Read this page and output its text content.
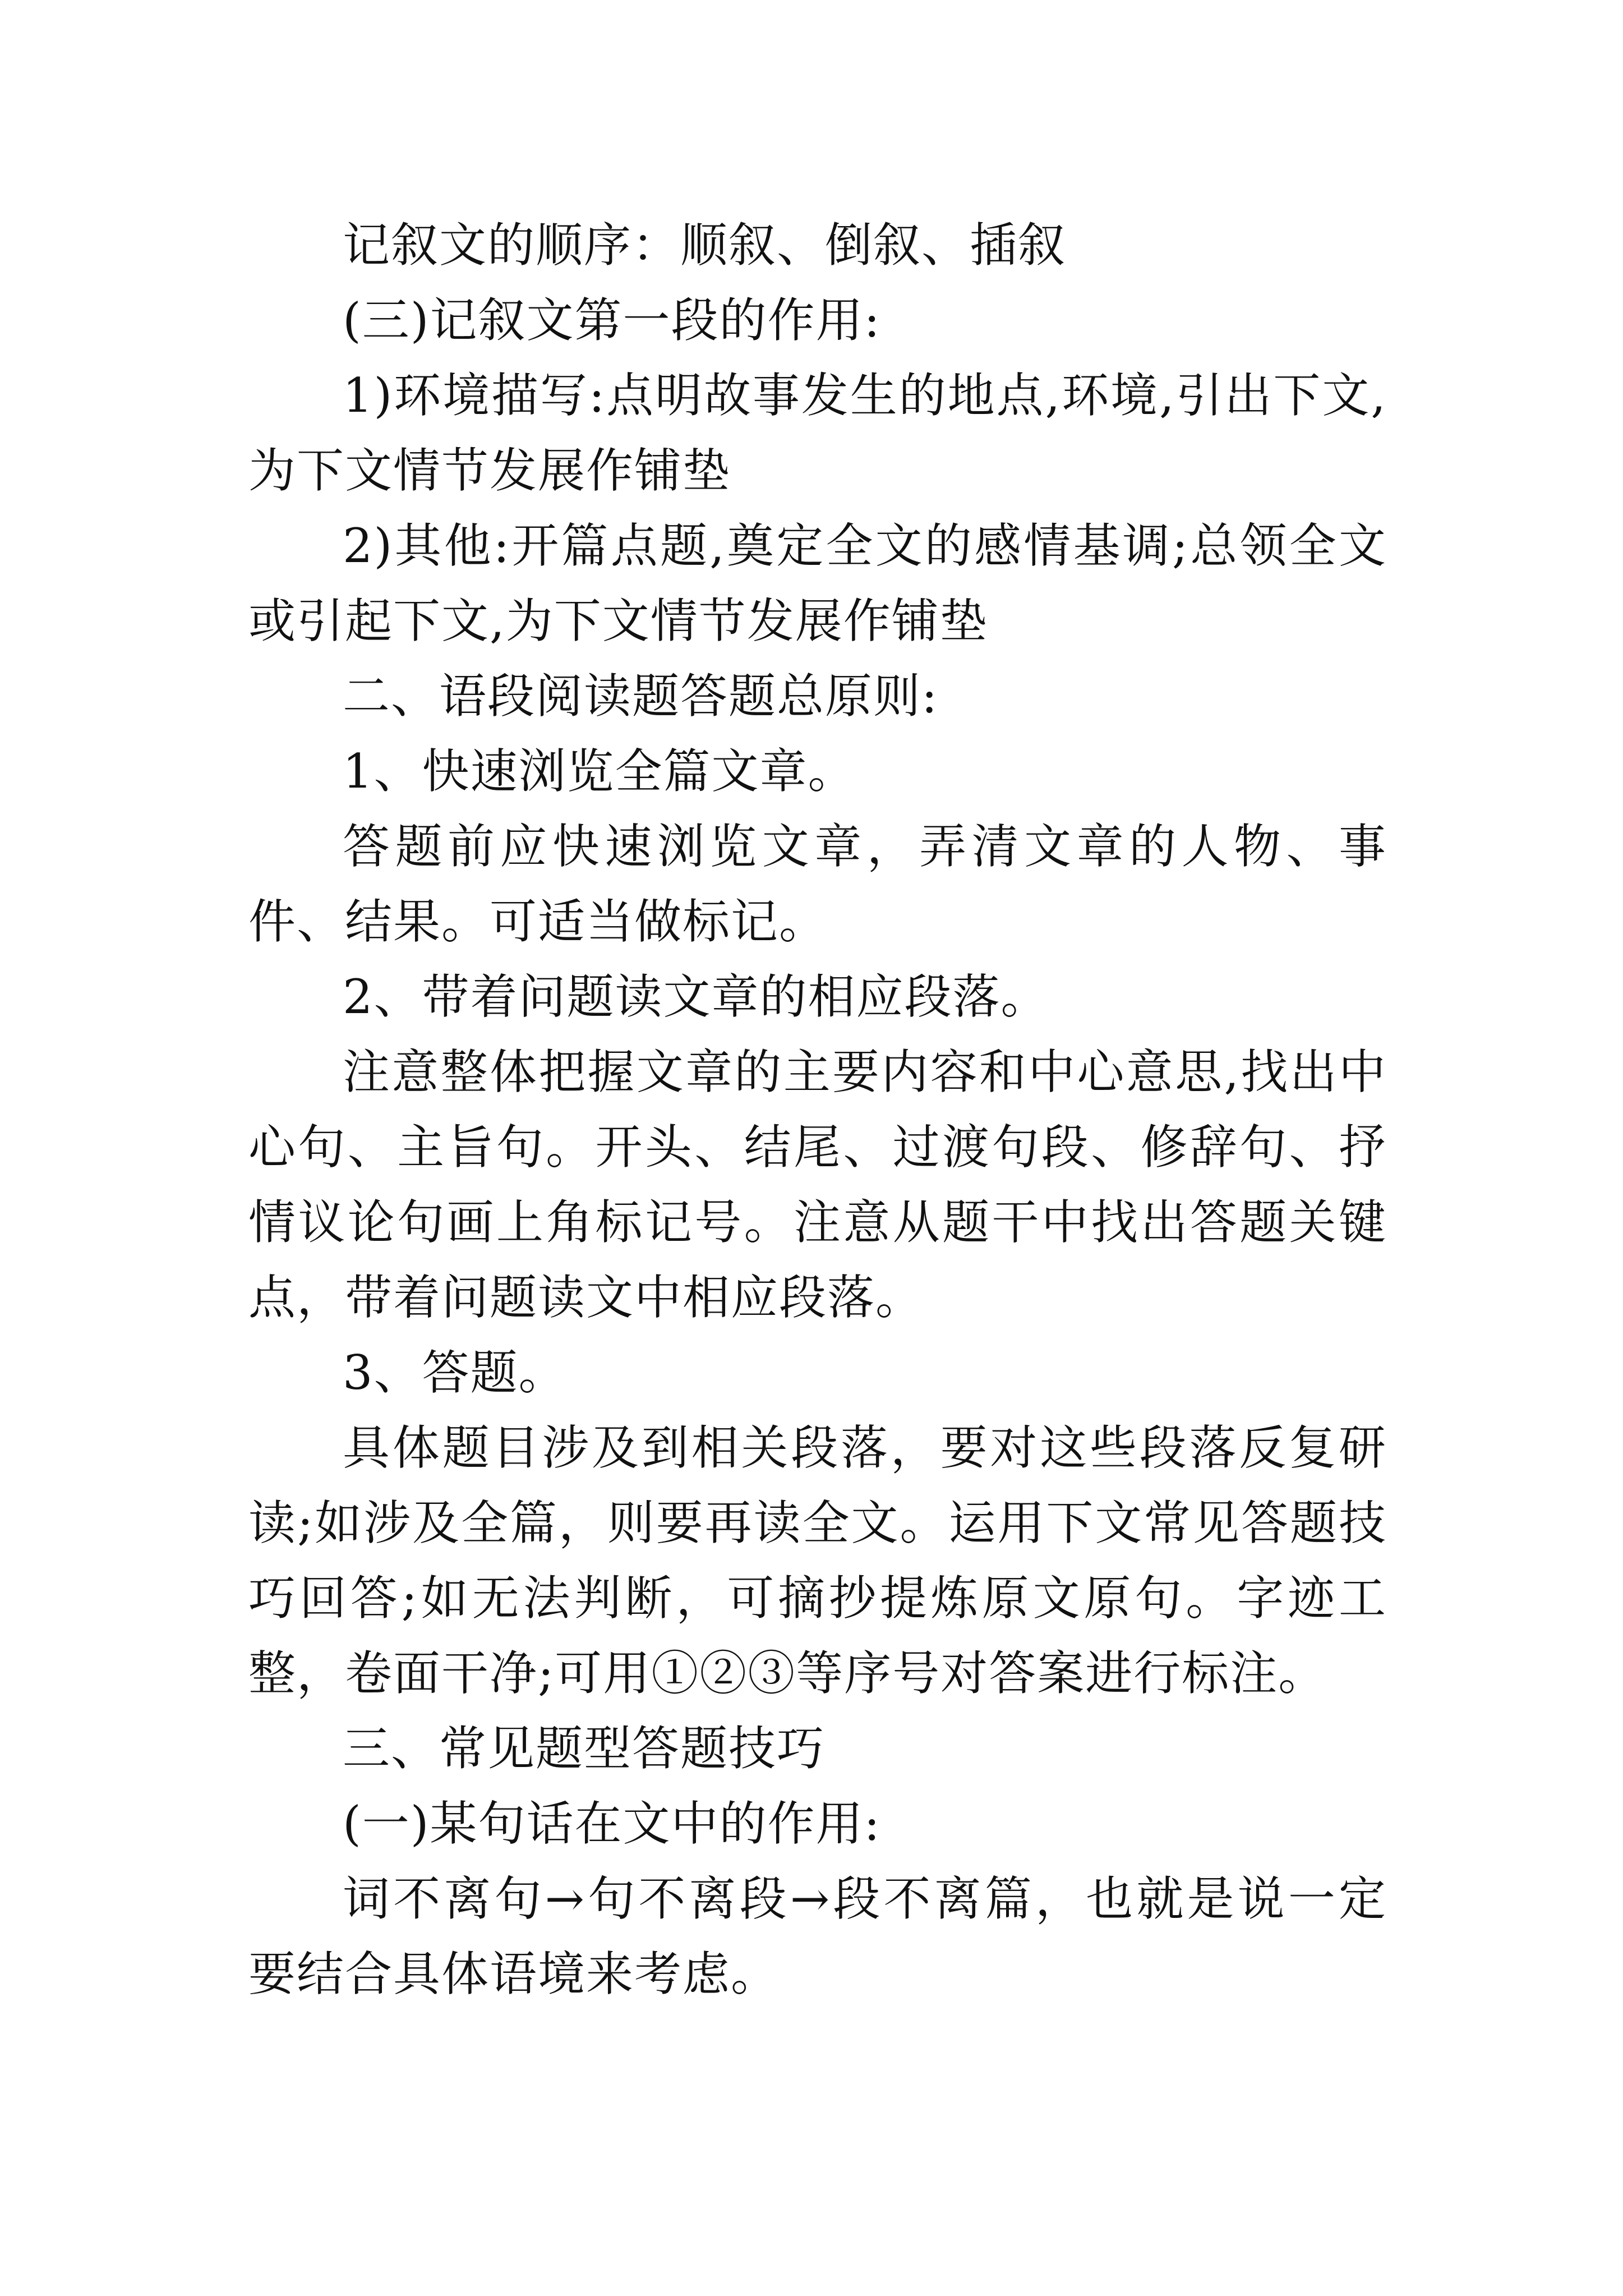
记叙文的顺序：顺叙、倒叙、插叙

(三)记叙文第一段的作用:

1)环境描写:点明故事发生的地点,环境,引出下文,为下文情节发展作铺垫

2)其他:开篇点题,奠定全文的感情基调;总领全文或引起下文,为下文情节发展作铺垫

二、语段阅读题答题总原则:

1、快速浏览全篇文章。

答题前应快速浏览文章，弄清文章的人物、事件、结果。可适当做标记。

2、带着问题读文章的相应段落。

注意整体把握文章的主要内容和中心意思,找出中心句、主旨句。开头、结尾、过渡句段、修辞句、抒情议论句画上角标记号。注意从题干中找出答题关键点，带着问题读文中相应段落。

3、答题。

具体题目涉及到相关段落，要对这些段落反复研读;如涉及全篇，则要再读全文。运用下文常见答题技巧回答;如无法判断，可摘抄提炼原文原句。字迹工整，卷面干净;可用①②③等序号对答案进行标注。

三、常见题型答题技巧

(一)某句话在文中的作用:

词不离句→句不离段→段不离篇，也就是说一定要结合具体语境来考虑。
